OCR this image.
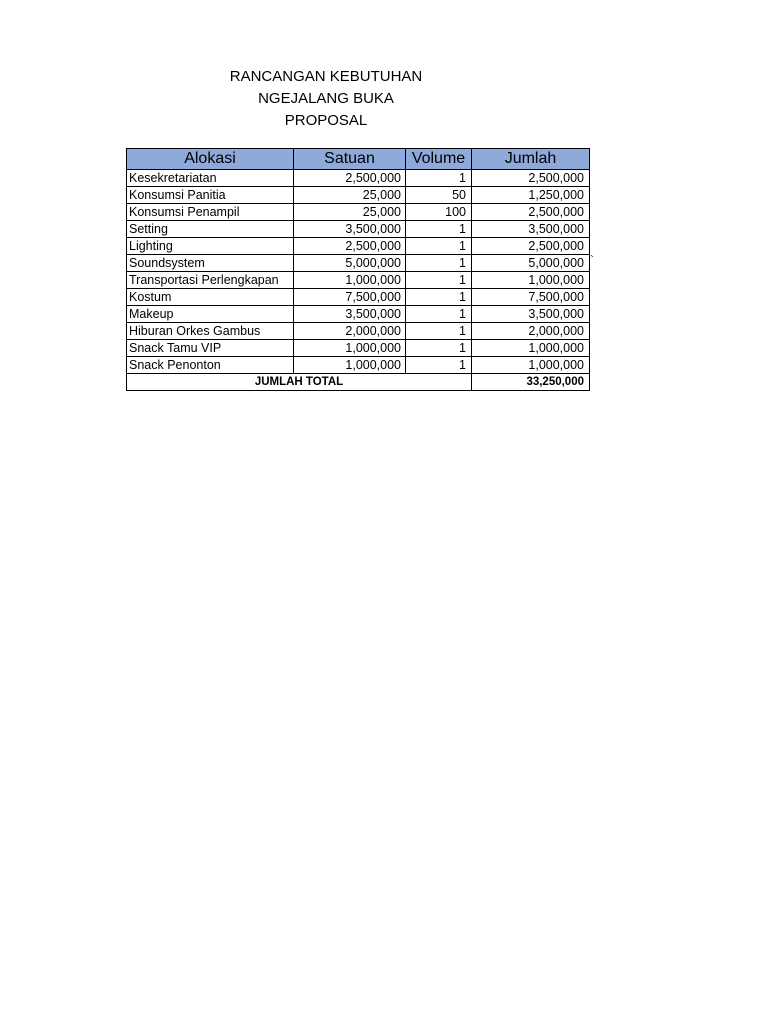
RANCANGAN KEBUTUHAN
NGEJALANG BUKA
PROPOSAL
Alokasi	Satuan	Volume	Jumlah
Kesekretariatan	2,500,000	1	2,500,000
Konsumsi Panitia	25,000	50	1,250,000
Konsumsi Penampil	25,000	100	2,500,000
Setting	3,500,000	1	3,500,000
Lighting	2,500,000	1	2,500,000
Soundsystem	5,000,000	1	5,000,000
Transportasi Perlengkapan	1,000,000	1	1,000,000
Kostum	7,500,000	1	7,500,000
Makeup	3,500,000	1	3,500,000
Hiburan Orkes Gambus	2,000,000	1	2,000,000
Snack Tamu VIP	1,000,000	1	1,000,000
Snack Penonton	1,000,000	1	1,000,000
JUMLAH TOTAL			33,250,000
`
